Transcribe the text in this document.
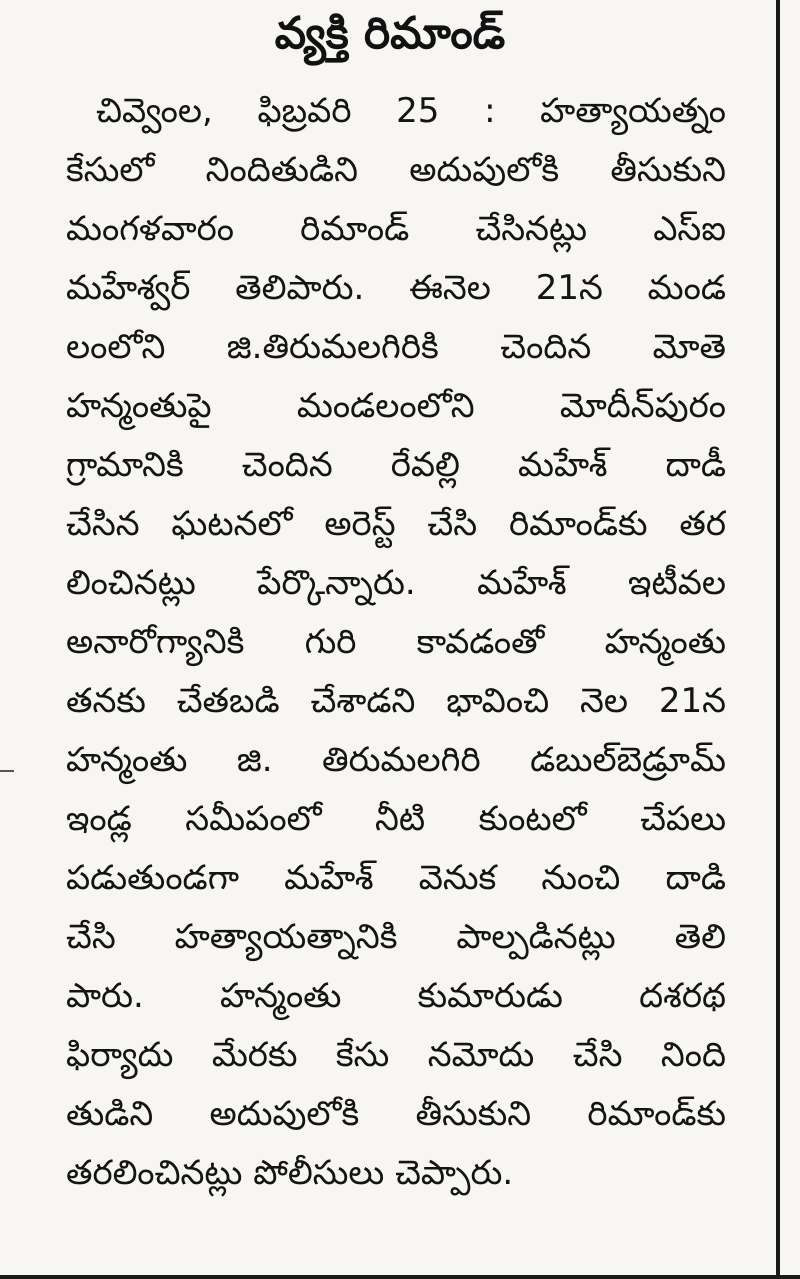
వ్యక్తి రిమాండ్
చివ్వెంల, ఫిబ్రవరి 25 : హత్యాయత్నం
కేసులో నిందితుడిని అదుపులోకి తీసుకుని
మంగళవారం రిమాండ్ చేసినట్లు ఎస్ఐ
మహేశ్వర్ తెలిపారు. ఈనెల 21న మండ
లంలోని జి.తిరుమలగిరికి చెందిన మోతె
హన్మంతుపై మండలంలోని మోదీన్‌పురం
గ్రామానికి చెందిన రేవల్లి మహేశ్ దాడీ
చేసిన ఘటనలో అరెస్ట్ చేసి రిమాండ్‌కు తర
లించినట్లు పేర్కొన్నారు. మహేశ్ ఇటీవల
అనారోగ్యానికి గురి కావడంతో హన్మంతు
తనకు చేతబడి చేశాడని భావించి నెల 21న
హన్మంతు జి. తిరుమలగిరి డబుల్‌బెడ్రూమ్
ఇండ్ల సమీపంలో నీటి కుంటలో చేపలు
పడుతుండగా మహేశ్ వెనుక నుంచి దాడి
చేసి హత్యాయత్నానికి పాల్పడినట్లు తెలి
పారు. హన్మంతు కుమారుడు దశరథ
ఫిర్యాదు మేరకు కేసు నమోదు చేసి నింది
తుడిని అదుపులోకి తీసుకుని రిమాండ్‌కు
తరలించినట్లు పోలీసులు చెప్పారు.
